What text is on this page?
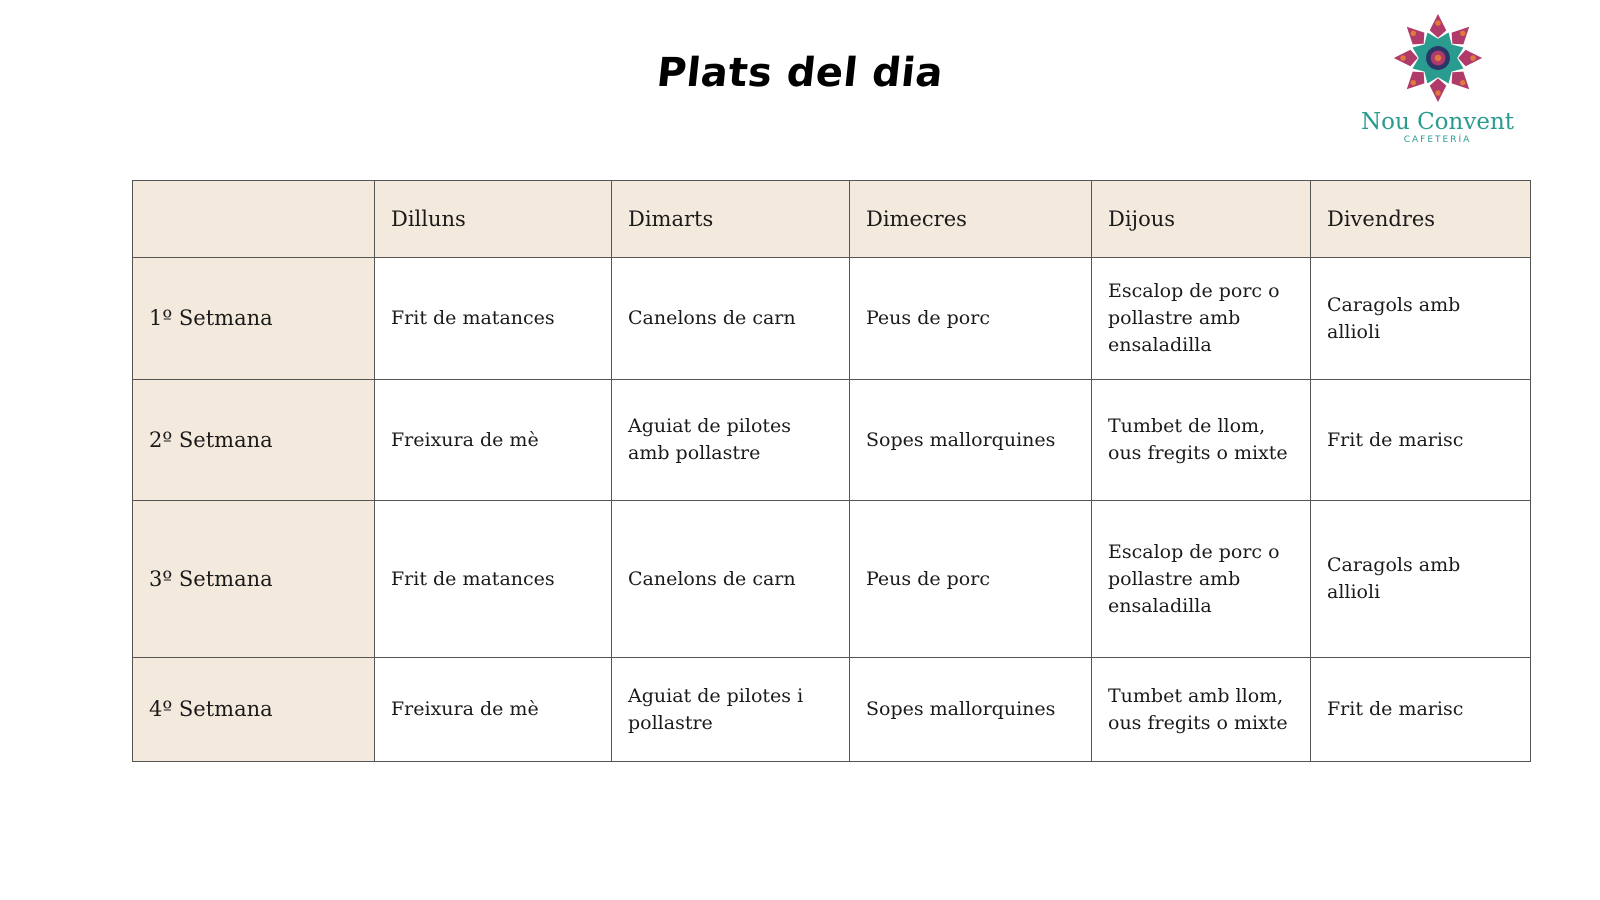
Plats del dia
Nou Convent
CAFETERÍA
	Dilluns	Dimarts	Dimecres	Dijous	Divendres
1º Setmana	Frit de matances	Canelons de carn	Peus de porc	Escalop de porc o pollastre amb ensaladilla	Caragols amb allioli
2º Setmana	Freixura de mè	Aguiat de pilotes amb pollastre	Sopes mallorquines	Tumbet de llom, ous fregits o mixte	Frit de marisc
3º Setmana	Frit de matances	Canelons de carn	Peus de porc	Escalop de porc o pollastre amb ensaladilla	Caragols amb allioli
4º Setmana	Freixura de mè	Aguiat de pilotes i pollastre	Sopes mallorquines	Tumbet amb llom, ous fregits o mixte	Frit de marisc
